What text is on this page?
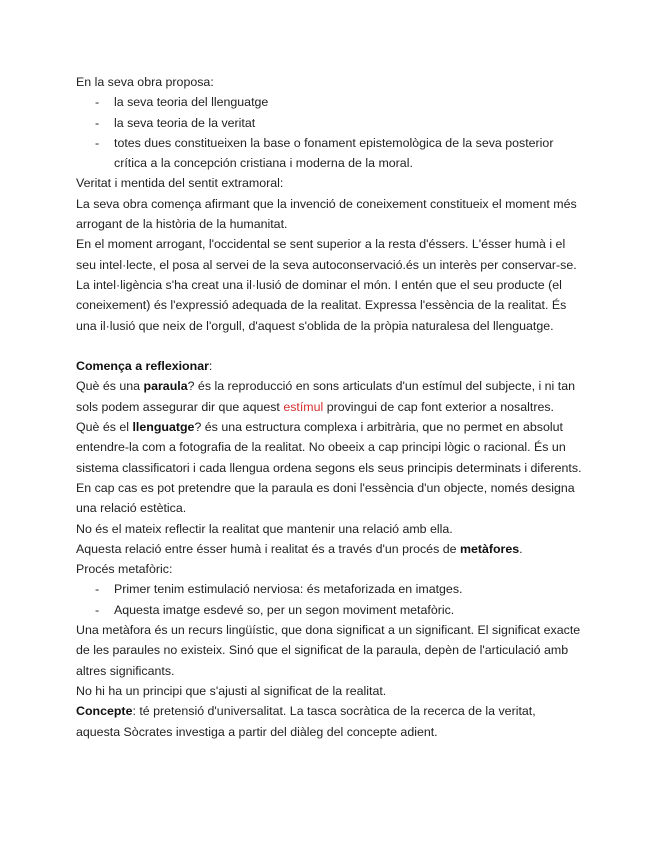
En la seva obra proposa:
- la seva teoria del llenguatge
- la seva teoria de la veritat
- totes dues constitueixen la base o fonament epistemològica de la seva posterior crítica a la concepción cristiana i moderna de la moral.
Veritat i mentida del sentit extramoral:
La seva obra comença afirmant que la invenció de coneixement constitueix el moment més arrogant de la història de la humanitat.
En el moment arrogant, l'occidental se sent superior a la resta d'éssers. L'ésser humà i el seu intel·lecte, el posa al servei de la seva autoconservació.és un interès per conservar-se.
La intel·ligència s'ha creat una il·lusió de dominar el món. I entén que el seu producte (el coneixement) és l'expressió adequada de la realitat. Expressa l'essència de la realitat. És una il·lusió que neix de l'orgull, d'aquest s'oblida de la pròpia naturalesa del llenguatge.
Comença a reflexionar:
Què és una paraula? és la reproducció en sons articulats d'un estímul del subjecte, i ni tan sols podem assegurar dir que aquest estímul provingui de cap font exterior a nosaltres.
Què és el llenguatge? és una estructura complexa i arbitrària, que no permet en absolut entendre-la com a fotografia de la realitat. No obeeix a cap principi lògic o racional. És un sistema classificatori i cada llengua ordena segons els seus principis determinats i diferents. En cap cas es pot pretendre que la paraula es doni l'essència d'un objecte, només designa una relació estètica.
No és el mateix reflectir la realitat que mantenir una relació amb ella.
Aquesta relació entre ésser humà i realitat és a través d'un procés de metàfores.
Procés metafòric:
- Primer tenim estimulació nerviosa: és metaforizada en imatges.
- Aquesta imatge esdevé so, per un segon moviment metafòric.
Una metàfora és un recurs lingüístic, que dona significat a un significant. El significat exacte de les paraules no existeix. Sinó que el significat de la paraula, depèn de l'articulació amb altres significants.
No hi ha un principi que s'ajusti al significat de la realitat.
Concepte: té pretensió d'universalitat. La tasca socràtica de la recerca de la veritat, aquesta Sòcrates investiga a partir del diàleg del concepte adient.
